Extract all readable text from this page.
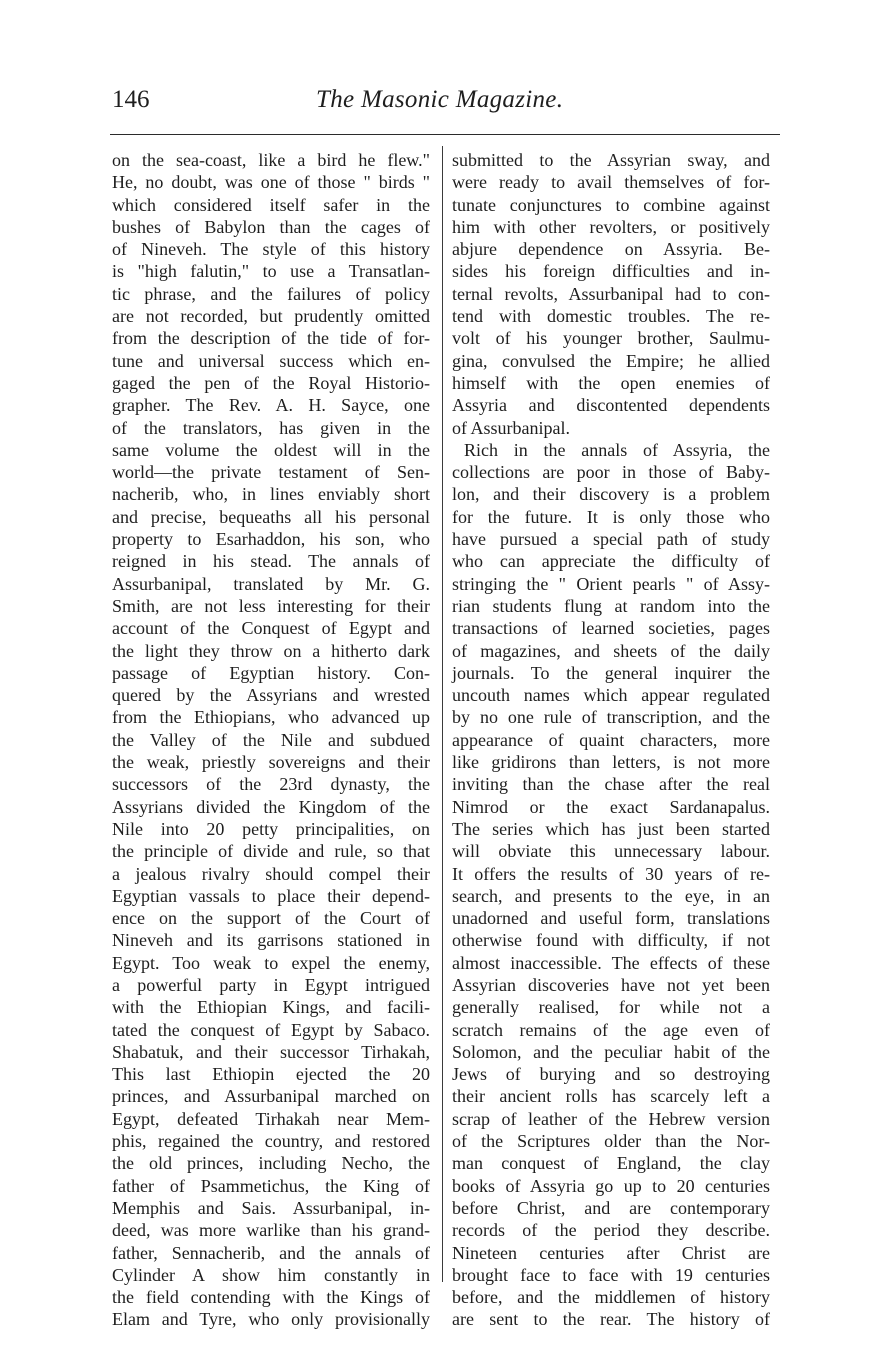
146	The Masonic Magazine.
on the sea-coast, like a bird he flew."
He, no doubt, was one of those " birds "
which considered itself safer in the
bushes of Babylon than the cages of
of Nineveh. The style of this history
is "high falutin," to use a Transatlan-
tic phrase, and the failures of policy
are not recorded, but prudently omitted
from the description of the tide of for-
tune and universal success which en-
gaged the pen of the Royal Historio-
grapher. The Rev. A. H. Sayce, one
of the translators, has given in the
same volume the oldest will in the
world—the private testament of Sen-
nacherib, who, in lines enviably short
and precise, bequeaths all his personal
property to Esarhaddon, his son, who
reigned in his stead. The annals of
Assurbanipal, translated by Mr. G.
Smith, are not less interesting for their
account of the Conquest of Egypt and
the light they throw on a hitherto dark
passage of Egyptian history. Con-
quered by the Assyrians and wrested
from the Ethiopians, who advanced up
the Valley of the Nile and subdued
the weak, priestly sovereigns and their
successors of the 23rd dynasty, the
Assyrians divided the Kingdom of the
Nile into 20 petty principalities, on
the principle of divide and rule, so that
a jealous rivalry should compel their
Egyptian vassals to place their depend-
ence on the support of the Court of
Nineveh and its garrisons stationed in
Egypt. Too weak to expel the enemy,
a powerful party in Egypt intrigued
with the Ethiopian Kings, and facili-
tated the conquest of Egypt by Sabaco.
Shabatuk, and their successor Tirhakah,
This last Ethiopin ejected the 20
princes, and Assurbanipal marched on
Egypt, defeated Tirhakah near Mem-
phis, regained the country, and restored
the old princes, including Necho, the
father of Psammetichus, the King of
Memphis and Sais. Assurbanipal, in-
deed, was more warlike than his grand-
father, Sennacherib, and the annals of
Cylinder A show him constantly in
the field contending with the Kings of
Elam and Tyre, who only provisionally
submitted to the Assyrian sway, and
were ready to avail themselves of for-
tunate conjunctures to combine against
him with other revolters, or positively
abjure dependence on Assyria. Be-
sides his foreign difficulties and in-
ternal revolts, Assurbanipal had to con-
tend with domestic troubles. The re-
volt of his younger brother, Saulmu-
gina, convulsed the Empire; he allied
himself with the open enemies of
Assyria and discontented dependents
of Assurbanipal.
Rich in the annals of Assyria, the
collections are poor in those of Baby-
lon, and their discovery is a problem
for the future. It is only those who
have pursued a special path of study
who can appreciate the difficulty of
stringing the " Orient pearls " of Assy-
rian students flung at random into the
transactions of learned societies, pages
of magazines, and sheets of the daily
journals. To the general inquirer the
uncouth names which appear regulated
by no one rule of transcription, and the
appearance of quaint characters, more
like gridirons than letters, is not more
inviting than the chase after the real
Nimrod or the exact Sardanapalus.
The series which has just been started
will obviate this unnecessary labour.
It offers the results of 30 years of re-
search, and presents to the eye, in an
unadorned and useful form, translations
otherwise found with difficulty, if not
almost inaccessible. The effects of these
Assyrian discoveries have not yet been
generally realised, for while not a
scratch remains of the age even of
Solomon, and the peculiar habit of the
Jews of burying and so destroying
their ancient rolls has scarcely left a
scrap of leather of the Hebrew version
of the Scriptures older than the Nor-
man conquest of England, the clay
books of Assyria go up to 20 centuries
before Christ, and are contemporary
records of the period they describe.
Nineteen centuries after Christ are
brought face to face with 19 centuries
before, and the middlemen of history
are sent to the rear. The history of
